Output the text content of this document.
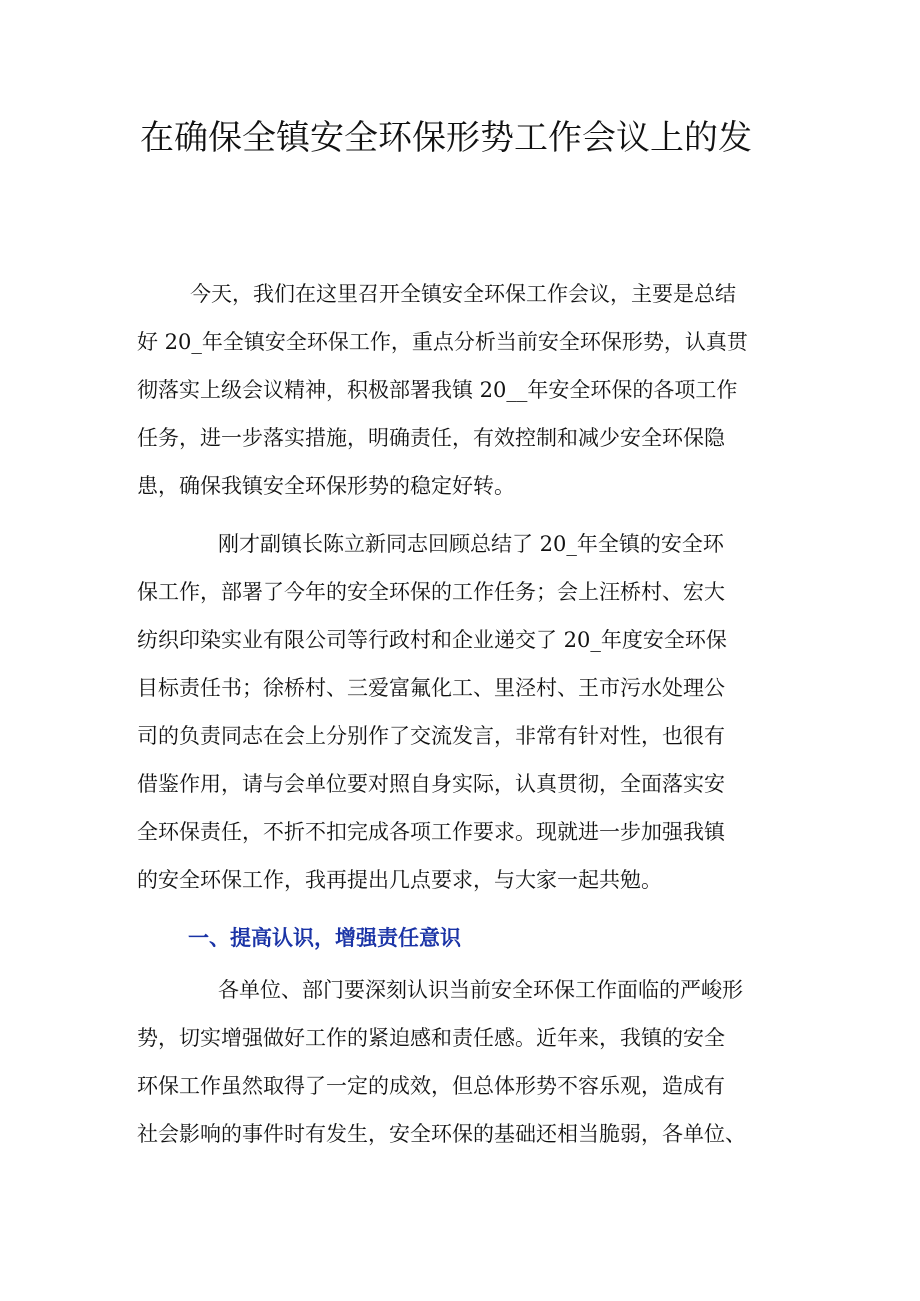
在确保全镇安全环保形势工作会议上的发

今天，我们在这里召开全镇安全环保工作会议，主要是总结

好 20_年全镇安全环保工作，重点分析当前安全环保形势，认真贯

彻落实上级会议精神，积极部署我镇 20__年安全环保的各项工作

任务，进一步落实措施，明确责任，有效控制和减少安全环保隐

患，确保我镇安全环保形势的稳定好转。

刚才副镇长陈立新同志回顾总结了 20_年全镇的安全环

保工作，部署了今年的安全环保的工作任务；会上汪桥村、宏大

纺织印染实业有限公司等行政村和企业递交了 20_年度安全环保

目标责任书；徐桥村、三爱富氟化工、里泾村、王市污水处理公

司的负责同志在会上分别作了交流发言，非常有针对性，也很有

借鉴作用，请与会单位要对照自身实际，认真贯彻，全面落实安

全环保责任，不折不扣完成各项工作要求。现就进一步加强我镇

的安全环保工作，我再提出几点要求，与大家一起共勉。

一、提高认识，增强责任意识

各单位、部门要深刻认识当前安全环保工作面临的严峻形

势，切实增强做好工作的紧迫感和责任感。近年来，我镇的安全

环保工作虽然取得了一定的成效，但总体形势不容乐观，造成有

社会影响的事件时有发生，安全环保的基础还相当脆弱，各单位、
